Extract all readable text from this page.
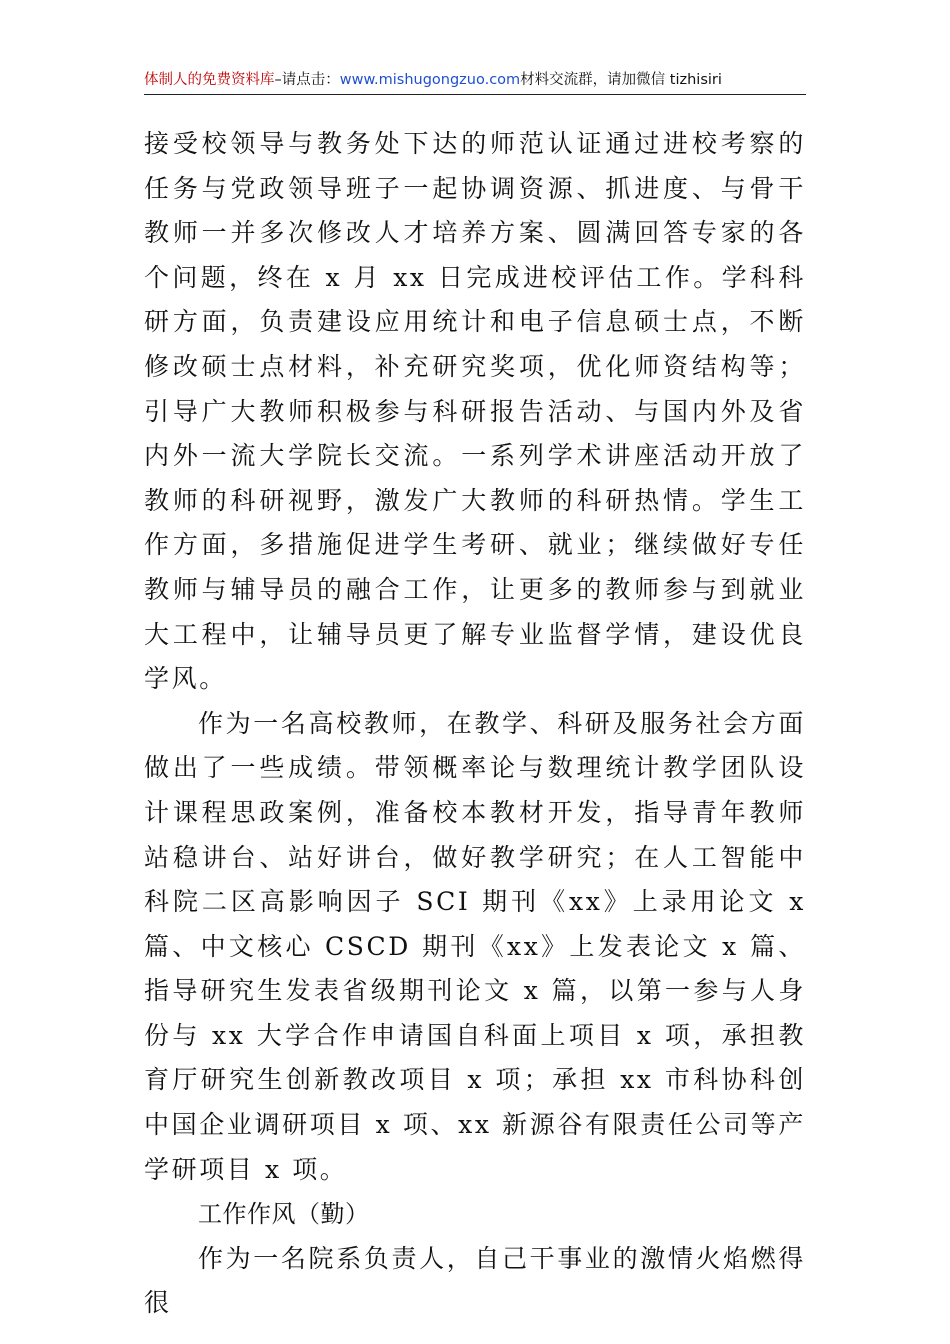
体制人的免费资料库–请点击：www.mishugongzuo.com材料交流群，请加微信 tizhisiri

接受校领导与教务处下达的师范认证通过进校考察的任务与党政领导班子一起协调资源、抓进度、与骨干教师一并多次修改人才培养方案、圆满回答专家的各个问题，终在 x 月 xx 日完成进校评估工作。学科科研方面，负责建设应用统计和电子信息硕士点，不断修改硕士点材料，补充研究奖项，优化师资结构等；引导广大教师积极参与科研报告活动、与国内外及省内外一流大学院长交流。一系列学术讲座活动开放了教师的科研视野，激发广大教师的科研热情。学生工作方面，多措施促进学生考研、就业；继续做好专任教师与辅导员的融合工作，让更多的教师参与到就业大工程中，让辅导员更了解专业监督学情，建设优良学风。

作为一名高校教师，在教学、科研及服务社会方面做出了一些成绩。带领概率论与数理统计教学团队设计课程思政案例，准备校本教材开发，指导青年教师站稳讲台、站好讲台，做好教学研究；在人工智能中科院二区高影响因子 SCI 期刊《xx》上录用论文 x 篇、中文核心 CSCD 期刊《xx》上发表论文 x 篇、指导研究生发表省级期刊论文 x 篇，以第一参与人身份与 xx 大学合作申请国自科面上项目 x 项，承担教育厅研究生创新教改项目 x 项；承担 xx 市科协科创中国企业调研项目 x 项、xx 新源谷有限责任公司等产学研项目 x 项。

工作作风（勤）

作为一名院系负责人，自己干事业的激情火焰燃得很
